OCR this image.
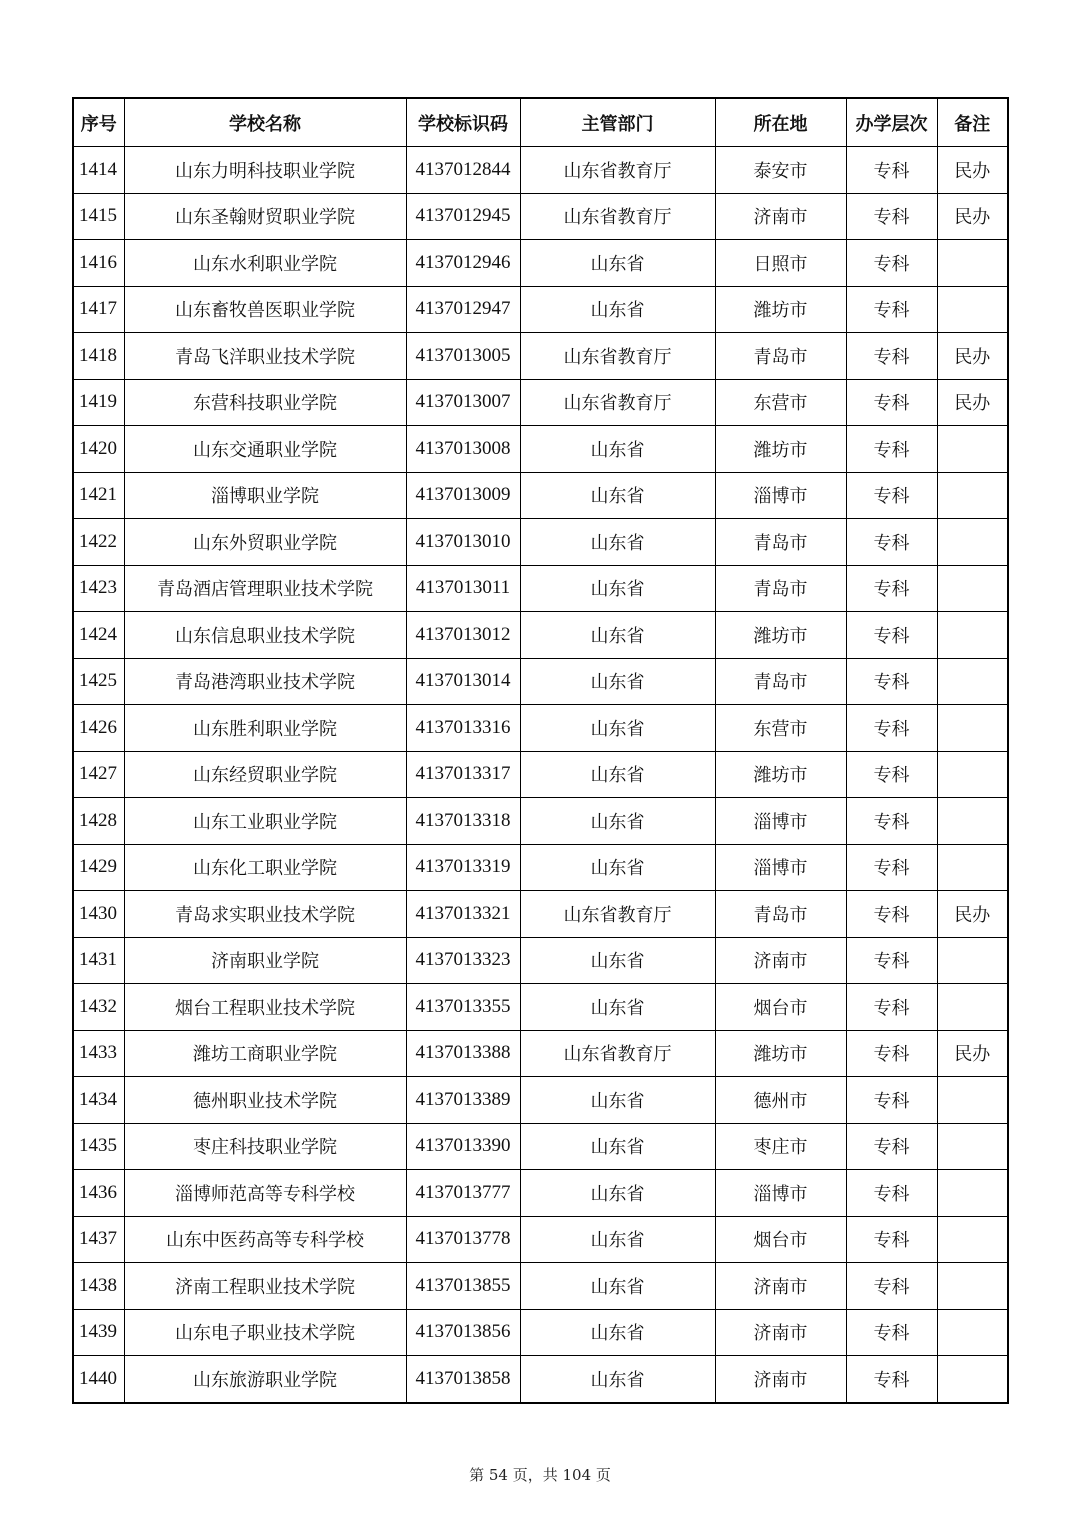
序号	学校名称	学校标识码	主管部门	所在地	办学层次	备注
1414	山东力明科技职业学院	4137012844	山东省教育厅	泰安市	专科	民办
1415	山东圣翰财贸职业学院	4137012945	山东省教育厅	济南市	专科	民办
1416	山东水利职业学院	4137012946	山东省	日照市	专科	
1417	山东畜牧兽医职业学院	4137012947	山东省	潍坊市	专科	
1418	青岛飞洋职业技术学院	4137013005	山东省教育厅	青岛市	专科	民办
1419	东营科技职业学院	4137013007	山东省教育厅	东营市	专科	民办
1420	山东交通职业学院	4137013008	山东省	潍坊市	专科	
1421	淄博职业学院	4137013009	山东省	淄博市	专科	
1422	山东外贸职业学院	4137013010	山东省	青岛市	专科	
1423	青岛酒店管理职业技术学院	4137013011	山东省	青岛市	专科	
1424	山东信息职业技术学院	4137013012	山东省	潍坊市	专科	
1425	青岛港湾职业技术学院	4137013014	山东省	青岛市	专科	
1426	山东胜利职业学院	4137013316	山东省	东营市	专科	
1427	山东经贸职业学院	4137013317	山东省	潍坊市	专科	
1428	山东工业职业学院	4137013318	山东省	淄博市	专科	
1429	山东化工职业学院	4137013319	山东省	淄博市	专科	
1430	青岛求实职业技术学院	4137013321	山东省教育厅	青岛市	专科	民办
1431	济南职业学院	4137013323	山东省	济南市	专科	
1432	烟台工程职业技术学院	4137013355	山东省	烟台市	专科	
1433	潍坊工商职业学院	4137013388	山东省教育厅	潍坊市	专科	民办
1434	德州职业技术学院	4137013389	山东省	德州市	专科	
1435	枣庄科技职业学院	4137013390	山东省	枣庄市	专科	
1436	淄博师范高等专科学校	4137013777	山东省	淄博市	专科	
1437	山东中医药高等专科学校	4137013778	山东省	烟台市	专科	
1438	济南工程职业技术学院	4137013855	山东省	济南市	专科	
1439	山东电子职业技术学院	4137013856	山东省	济南市	专科	
1440	山东旅游职业学院	4137013858	山东省	济南市	专科	
第 54 页，共 104 页
